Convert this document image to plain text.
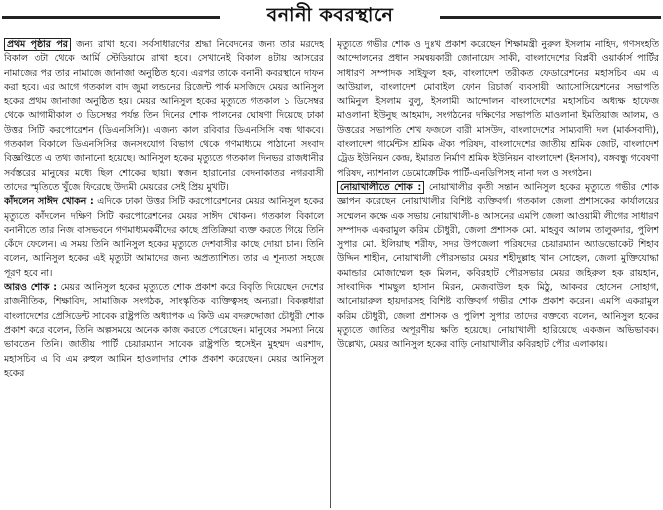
বনানী কবরস্থানে

প্রথম পৃষ্ঠার পর জন্য রাখা হবে। সর্বসাধারণের শ্রদ্ধা নিবেদনের জন্য তার মরদেহ বিকাল ৩টা থেকে আর্মি স্টেডিয়ামে রাখা হবে। সেখানেই বিকাল ৪টায় আসরের নামাজের পর তার নামাজে জানাজা অনুষ্ঠিত হবে। এরপর তাকে বনানী কবরস্থানে দাফন করা হবে। এর আগে গতকাল বাদ জুমা লন্ডনের রিজেন্ট পার্ক মসজিদে মেয়র আনিসুল হকের প্রথম জানাজা অনুষ্ঠিত হয়। মেয়র আনিসুল হকের মৃত্যুতে গতকাল ১ ডিসেম্বর থেকে আগামীকাল ৩ ডিসেম্বর পর্যন্ত তিন দিনের শোক পালনের ঘোষণা দিয়েছে ঢাকা উত্তর সিটি করপোরেশন (ডিএনসিসি)। এজন্য কাল রবিবার ডিএনসিসি বন্ধ থাকবে। গতকাল বিকালে ডিএনসিসির জনসংযোগ বিভাগ থেকে গণমাধ্যমে পাঠানো সংবাদ বিজ্ঞপ্তিতে এ তথ্য জানানো হয়েছে। আনিসুল হকের মৃত্যুতে গতকাল দিনভর রাজধানীর সর্বস্তরের মানুষের মধ্যে ছিল শোকের ছায়া। স্বজন হারানোর বেদনাকাতর নগরবাসী তাদের স্মৃতিতে খুঁজে ফিরেছে উদ্যমী মেয়রের সেই প্রিয় মুখটি।

কাঁদলেন সাঈদ খোকন : এদিকে ঢাকা উত্তর সিটি করপোরেশনের মেয়র আনিসুল হকের মৃত্যুতে কাঁদলেন দক্ষিণ সিটি করপোরেশনের মেয়র সাঈদ খোকন। গতকাল বিকালে বনানীতে তার নিজ বাসভবনে গণমাধ্যমকর্মীদের কাছে প্রতিক্রিয়া ব্যক্ত করতে গিয়ে তিনি কেঁদে ফেলেন। এ সময় তিনি আনিসুল হকের মৃত্যুতে দেশবাসীর কাছে দোয়া চান। তিনি বলেন, আনিসুল হকের এই মৃত্যুটা আমাদের জন্য অপ্রত্যাশিত। তার এ শূন্যতা সহজে পূরণ হবে না।

আরও শোক : মেয়র আনিসুল হকের মৃত্যুতে শোক প্রকাশ করে বিবৃতি দিয়েছেন দেশের রাজনীতিক, শিক্ষাবিদ, সামাজিক সংগঠক, সাংস্কৃতিক ব্যক্তিত্বসহ অন্যরা। বিকল্পধারা বাংলাদেশের প্রেসিডেন্ট সাবেক রাষ্ট্রপতি অধ্যাপক এ কিউ এম বদরুদ্দোজা চৌধুরী শোক প্রকাশ করে বলেন, তিনি অল্পসময়ে অনেক কাজ করতে পেরেছেন। মানুষের সমস্যা নিয়ে ভাবতেন তিনি। জাতীয় পার্টি চেয়ারম্যান সাবেক রাষ্ট্রপতি হুসেইন মুহম্মদ এরশাদ, মহাসচিব এ বি এম রুহুল আমিন হাওলাদার শোক প্রকাশ করেছেন। মেয়র আনিসুল হকের

মৃত্যুতে গভীর শোক ও দুঃখ প্রকাশ করেছেন শিক্ষামন্ত্রী নুরুল ইসলাম নাহিদ, গণসংহতি আন্দোলনের প্রধান সমন্বয়কারী জোনায়েদ সাকী, বাংলাদেশের বিপ্লবী ওয়ার্কার্স পার্টির সাধারণ সম্পাদক সাইফুল হক, বাংলাদেশ তরীকত ফেডারেশনের মহাসচিব এম এ আউয়াল, বাংলাদেশ মোবাইল ফোন রিচার্জ ব্যবসায়ী অ্যাসোসিয়েশনের সভাপতি আমিনুল ইসলাম বুলু, ইসলামী আন্দোলন বাংলাদেশের মহাসচিব অধ্যক্ষ হাফেজ মাওলানা ইউনুছ আহমাদ, সংগঠনের দক্ষিণের সভাপতি মাওলানা ইমতিয়াজ আলম, ও উত্তরের সভাপতি শেখ ফজলে বারী মাসউদ, বাংলাদেশের সাম্যবাদী দল (মার্কসবাদী), বাংলাদেশ গার্মেন্টস শ্রমিক ঐক্য পরিষদ, বাংলাদেশের জাতীয় শ্রমিক জোট, বাংলাদেশ ট্রেড ইউনিয়ন কেন্দ্র, ইমারত নির্মাণ শ্রমিক ইউনিয়ন বাংলাদেশ (ইনসাব), বঙ্গবন্ধু গবেষণা পরিষদ, ন্যাশনাল ডেমোক্রেটিক পার্টি-এনডিপিসহ নানা দল ও সংগঠন।

নোয়াখালীতে শোক : নোয়াখালীর কৃতী সন্তান আনিসুল হকের মৃত্যুতে গভীর শোক জ্ঞাপন করেছেন নোয়াখালীর বিশিষ্ট ব্যক্তিবর্গ। গতকাল জেলা প্রশাসকের কার্যালয়ের সম্মেলন কক্ষে এক সভায় নোয়াখালী-৪ আসনের এমপি জেলা আওয়ামী লীগের সাধারণ সম্পাদক একরামুল করিম চৌধুরী, জেলা প্রশাসক মো. মাহবুব আলম তালুকদার, পুলিশ সুপার মো. ইলিয়াছ শরীফ, সদর উপজেলা পরিষদের চেয়ারম্যান অ্যাডভোকেট শিহাব উদ্দিন শাহীন, নোয়াখালী পৌরসভার মেয়র শহীদুল্লাহ খান সোহেল, জেলা মুক্তিযোদ্ধা কমান্ডার মোজাম্মেল হক মিলন, কবিরহাট পৌরসভার মেয়র জহিরুল হক রায়হান, সাংবাদিক শামছুল হাসান মিরন, মেজবাউল হক মিঠু, আকবর হোসেন সোহাগ, আনোয়ারুল হায়দারসহ বিশিষ্ট ব্যক্তিবর্গ গভীর শোক প্রকাশ করেন। এমপি একরামুল করিম চৌধুরী, জেলা প্রশাসক ও পুলিশ সুপার তাদের বক্তব্যে বলেন, আনিসুল হকের মৃত্যুতে জাতির অপূরণীয় ক্ষতি হয়েছে। নোয়াখালী হারিয়েছে একজন অভিভাবক। উল্লেখ্য, মেয়র আনিসুল হকের বাড়ি নোয়াখালীর কবিরহাট পৌর এলাকায়।
